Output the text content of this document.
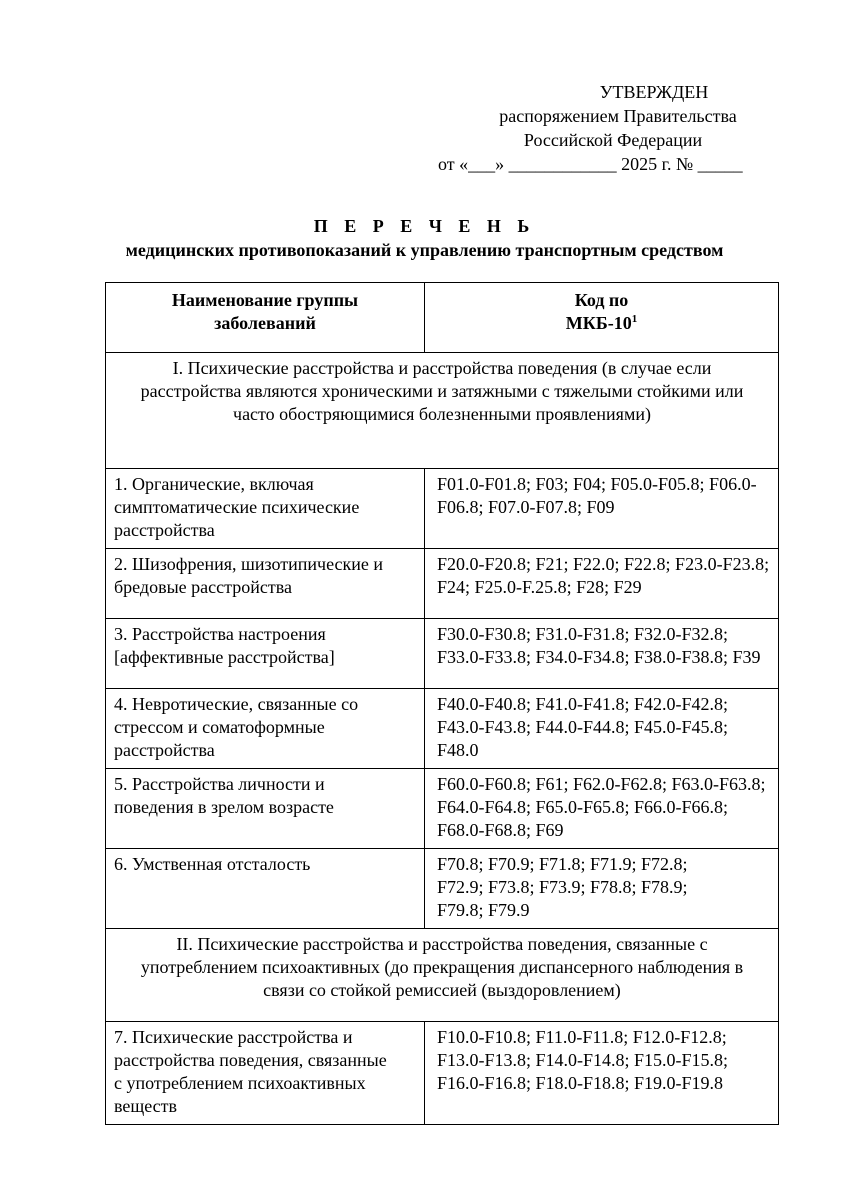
УТВЕРЖДЕН
распоряжением Правительства
Российской Федерации
от «___» ____________ 2025 г. № _____
П Е Р Е Ч Е Н Ь
медицинских противопоказаний к управлению транспортным средством
Наименование группы заболеваний	Код по МКБ-$10^1$

I. Психические расстройства и расстройства поведения (в случае если расстройства являются хроническими и затяжными с тяжелыми стойкими или часто обостряющимися болезненными проявлениями)	

1. Органические, включая симптоматические психические расстройства	F01.0-F01.8; F03; F04; F05.0-F05.8; F06.0-F06.8; F07.0-F07.8; F09

2. Шизофрения, шизотипические и бредовые расстройства	F20.0-F20.8; F21; F22.0; F22.8; F23.0-F23.8; F24; F25.0-F.25.8; F28; F29

3. Расстройства настроения [аффективные расстройства]	F30.0-F30.8; F31.0-F31.8; F32.0-F32.8; F33.0-F33.8; F34.0-F34.8; F38.0-F38.8; F39

4. Невротические, связанные со стрессом и соматоформные расстройства	F40.0-F40.8; F41.0-F41.8; F42.0-F42.8; F43.0-F43.8; F44.0-F44.8; F45.0-F45.8; F48.0

5. Расстройства личности и поведения в зрелом возрасте	F60.0-F60.8; F61; F62.0-F62.8; F63.0-F63.8; F64.0-F64.8; F65.0-F65.8; F66.0-F66.8; F68.0-F68.8; F69

6. Умственная отсталость	F70.8; F70.9; F71.8; F71.9; F72.8; F72.9; F73.8; F73.9; F78.8; F78.9; F79.8; F79.9

II. Психические расстройства и расстройства поведения, связанные с употреблением психоактивных (до прекращения диспансерного наблюдения в связи со стойкой ремиссией (выздоровлением)	

7. Психические расстройства и расстройства поведения, связанные с употреблением психоактивных веществ	F10.0-F10.8; F11.0-F11.8; F12.0-F12.8; F13.0-F13.8; F14.0-F14.8; F15.0-F15.8; F16.0-F16.8; F18.0-F18.8; F19.0-F19.8
